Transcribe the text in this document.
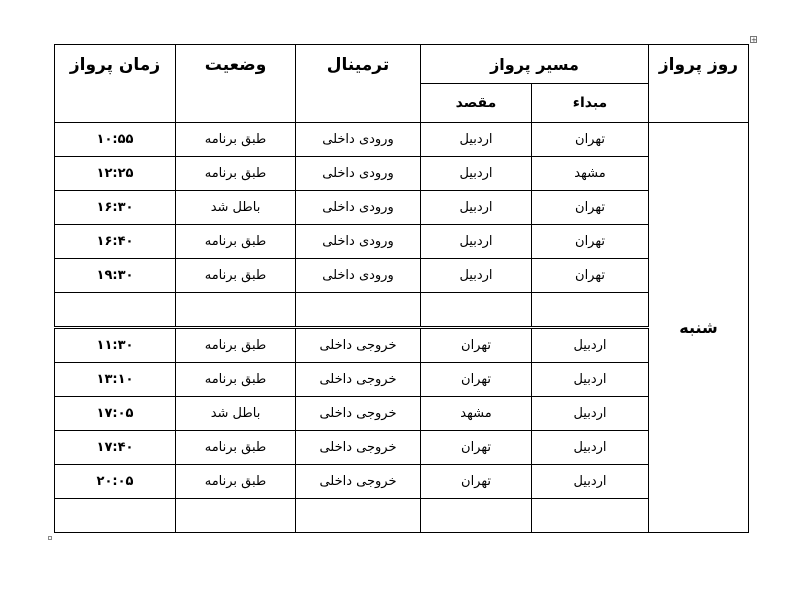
+
روز پرواز	مسیر پرواز		ترمینال	وضعیت	زمان پرواز
	مبداء	مقصد			
شنبه	تهران	اردبیل	ورودی داخلی	طبق برنامه	۱۰:۵۵
	مشهد	اردبیل	ورودی داخلی	طبق برنامه	۱۲:۲۵
	تهران	اردبیل	ورودی داخلی	باطل شد	۱۶:۳۰
	تهران	اردبیل	ورودی داخلی	طبق برنامه	۱۶:۴۰
	تهران	اردبیل	ورودی داخلی	طبق برنامه	۱۹:۳۰

	اردبیل	تهران	خروجی داخلی	طبق برنامه	۱۱:۳۰
	اردبیل	تهران	خروجی داخلی	طبق برنامه	۱۳:۱۰
	اردبیل	مشهد	خروجی داخلی	باطل شد	۱۷:۰۵
	اردبیل	تهران	خروجی داخلی	طبق برنامه	۱۷:۴۰
	اردبیل	تهران	خروجی داخلی	طبق برنامه	۲۰:۰۵
